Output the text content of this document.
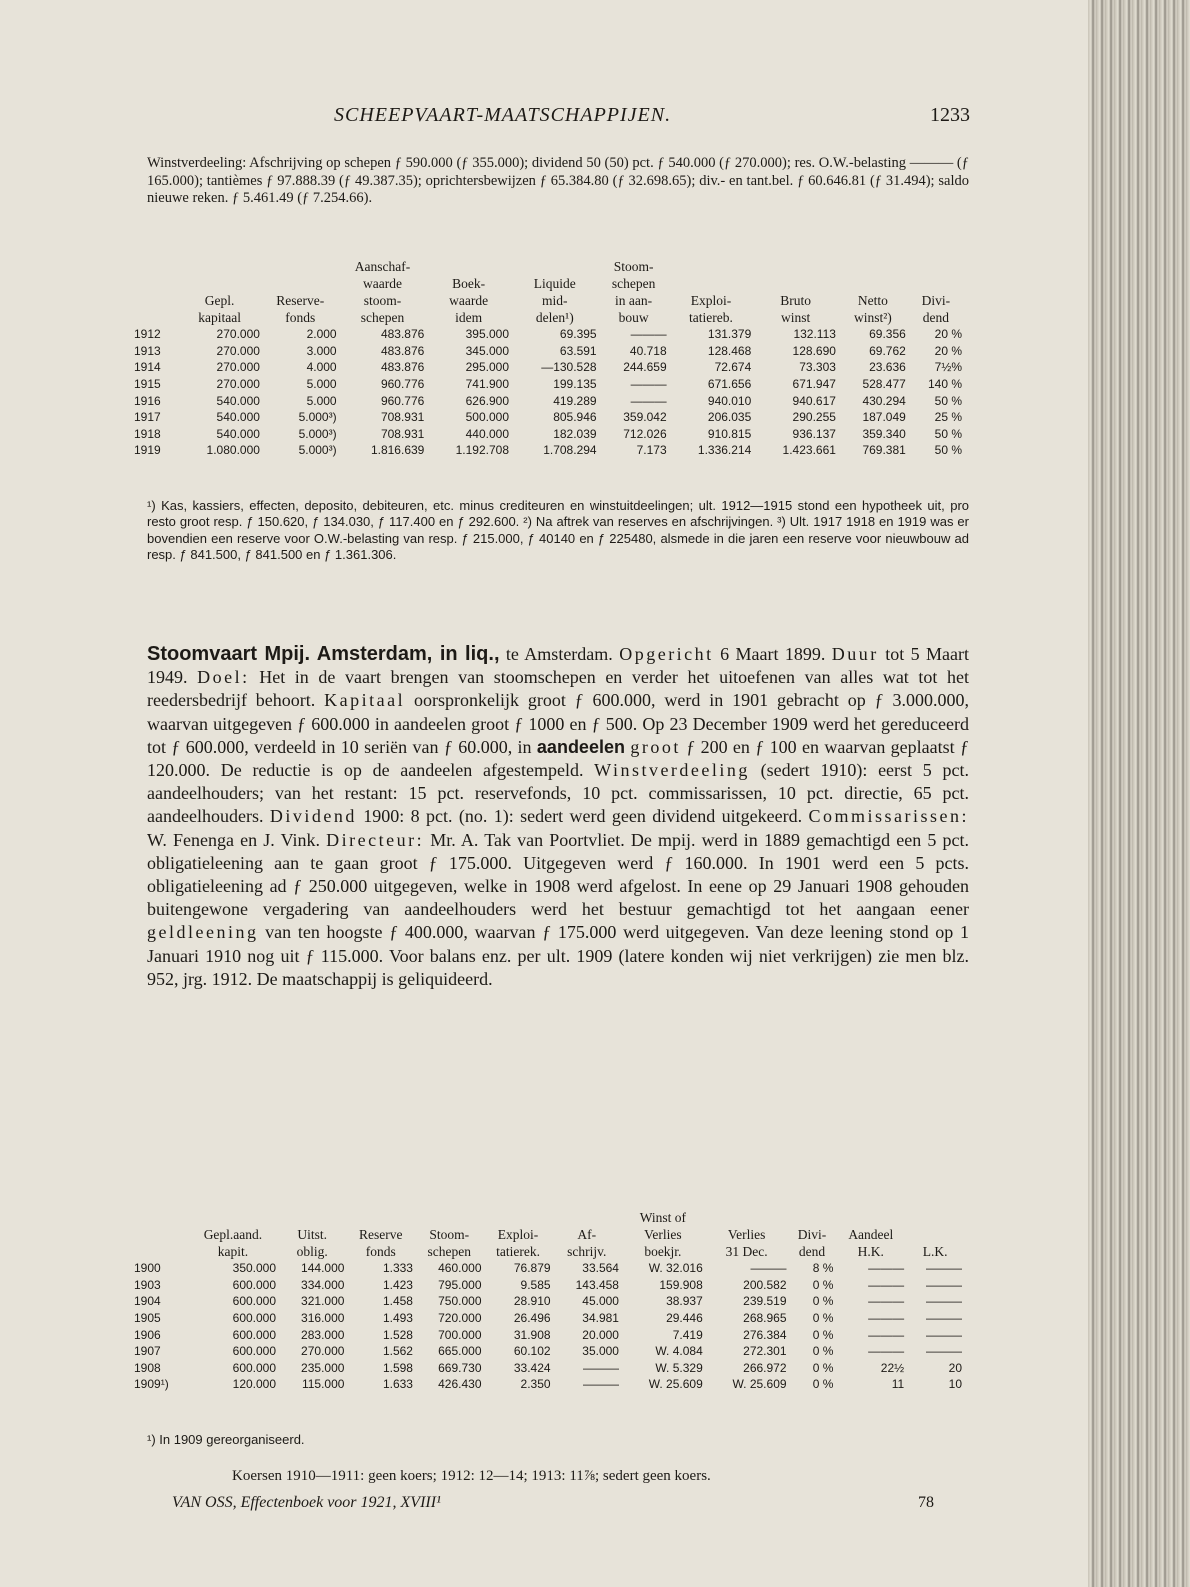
SCHEEPVAART-MAATSCHAPPIJEN.	1233
Winstverdeeling: Afschrijving op schepen ƒ 590.000 (ƒ 355.000); dividend 50 (50) pct. ƒ 540.000 (ƒ 270.000); res. O.W.-belasting ——— (ƒ 165.000); tantièmes ƒ 97.888.39 (ƒ 49.387.35); oprichtersbewijzen ƒ 65.384.80 (ƒ 32.698.65); div.- en tant.bel. ƒ 60.646.81 (ƒ 31.494); saldo nieuwe reken. ƒ 5.461.49 (ƒ 7.254.66).
			Aanschaf-			Stoom-				
			waarde	Boek-	Liquide	schepen				
	Gepl.	Reserve-	stoom-	waarde	mid-	in aan-	Exploi-	Bruto	Netto	Divi-
	kapitaal	fonds	schepen	idem	delen¹)	bouw	tatiereb.	winst	winst²)	dend
1912	270.000	2.000	483.876	395.000	69.395	———	131.379	132.113	69.356	20 %
1913	270.000	3.000	483.876	345.000	63.591	40.718	128.468	128.690	69.762	20 %
1914	270.000	4.000	483.876	295.000	—130.528	244.659	72.674	73.303	23.636	7½%
1915	270.000	5.000	960.776	741.900	199.135	———	671.656	671.947	528.477	140 %
1916	540.000	5.000	960.776	626.900	419.289	———	940.010	940.617	430.294	50 %
1917	540.000	5.000³)	708.931	500.000	805.946	359.042	206.035	290.255	187.049	25 %
1918	540.000	5.000³)	708.931	440.000	182.039	712.026	910.815	936.137	359.340	50 %
1919	1.080.000	5.000³)	1.816.639	1.192.708	1.708.294	7.173	1.336.214	1.423.661	769.381	50 %
¹) Kas, kassiers, effecten, deposito, debiteuren, etc. minus crediteuren en winstuitdeelingen; ult. 1912—1915 stond een hypotheek uit, pro resto groot resp. ƒ 150.620, ƒ 134.030, ƒ 117.400 en ƒ 292.600. ²) Na aftrek van reserves en afschrijvingen. ³) Ult. 1917 1918 en 1919 was er bovendien een reserve voor O.W.-belasting van resp. ƒ 215.000, ƒ 40140 en ƒ 225480, alsmede in die jaren een reserve voor nieuwbouw ad resp. ƒ 841.500, ƒ 841.500 en ƒ 1.361.306.
Stoomvaart Mpij. Amsterdam, in liq., te Amsterdam. Opgericht 6 Maart 1899. Duur tot 5 Maart 1949. Doel: Het in de vaart brengen van stoomschepen en verder het uitoefenen van alles wat tot het reedersbedrijf behoort. Kapitaal oorspronkelijk groot ƒ 600.000, werd in 1901 gebracht op ƒ 3.000.000, waarvan uitgegeven ƒ 600.000 in aandeelen groot ƒ 1000 en ƒ 500. Op 23 December 1909 werd het gereduceerd tot ƒ 600.000, verdeeld in 10 seriën van ƒ 60.000, in aandeelen groot ƒ 200 en ƒ 100 en waarvan geplaatst ƒ 120.000. De reductie is op de aandeelen afgestempeld. Winstverdeeling (sedert 1910): eerst 5 pct. aandeelhouders; van het restant: 15 pct. reservefonds, 10 pct. commissarissen, 10 pct. directie, 65 pct. aandeelhouders. Dividend 1900: 8 pct. (no. 1): sedert werd geen dividend uitgekeerd. Commissarissen: W. Fenenga en J. Vink. Directeur: Mr. A. Tak van Poortvliet. De mpij. werd in 1889 gemachtigd een 5 pct. obligatieleening aan te gaan groot ƒ 175.000. Uitgegeven werd ƒ 160.000. In 1901 werd een 5 pcts. obligatieleening ad ƒ 250.000 uitgegeven, welke in 1908 werd afgelost. In eene op 29 Januari 1908 gehouden buitengewone vergadering van aandeelhouders werd het bestuur gemachtigd tot het aangaan eener geldleening van ten hoogste ƒ 400.000, waarvan ƒ 175.000 werd uitgegeven. Van deze leening stond op 1 Januari 1910 nog uit ƒ 115.000. Voor balans enz. per ult. 1909 (latere konden wij niet verkrijgen) zie men blz. 952, jrg. 1912. De maatschappij is geliquideerd.
							Winst of				
	Gepl.aand.	Uitst.	Reserve	Stoom-	Exploi-	Af-	Verlies	Verlies	Divi-	Aandeel	
	kapit.	oblig.	fonds	schepen	tatierek.	schrijv.	boekjr.	31 Dec.	dend	H.K.	L.K.
1900	350.000	144.000	1.333	460.000	76.879	33.564	W. 32.016	———	8 %	———	———
1903	600.000	334.000	1.423	795.000	9.585	143.458	159.908	200.582	0 %	———	———
1904	600.000	321.000	1.458	750.000	28.910	45.000	38.937	239.519	0 %	———	———
1905	600.000	316.000	1.493	720.000	26.496	34.981	29.446	268.965	0 %	———	———
1906	600.000	283.000	1.528	700.000	31.908	20.000	7.419	276.384	0 %	———	———
1907	600.000	270.000	1.562	665.000	60.102	35.000	W. 4.084	272.301	0 %	———	———
1908	600.000	235.000	1.598	669.730	33.424	———	W. 5.329	266.972	0 %	22½	20
1909¹)	120.000	115.000	1.633	426.430	2.350	———	W. 25.609	W. 25.609	0 %	11	10
¹) In 1909 gereorganiseerd.
Koersen 1910—1911: geen koers; 1912: 12—14; 1913: 11⅞; sedert geen koers.
VAN OSS, Effectenboek voor 1921, XVIII¹	78
